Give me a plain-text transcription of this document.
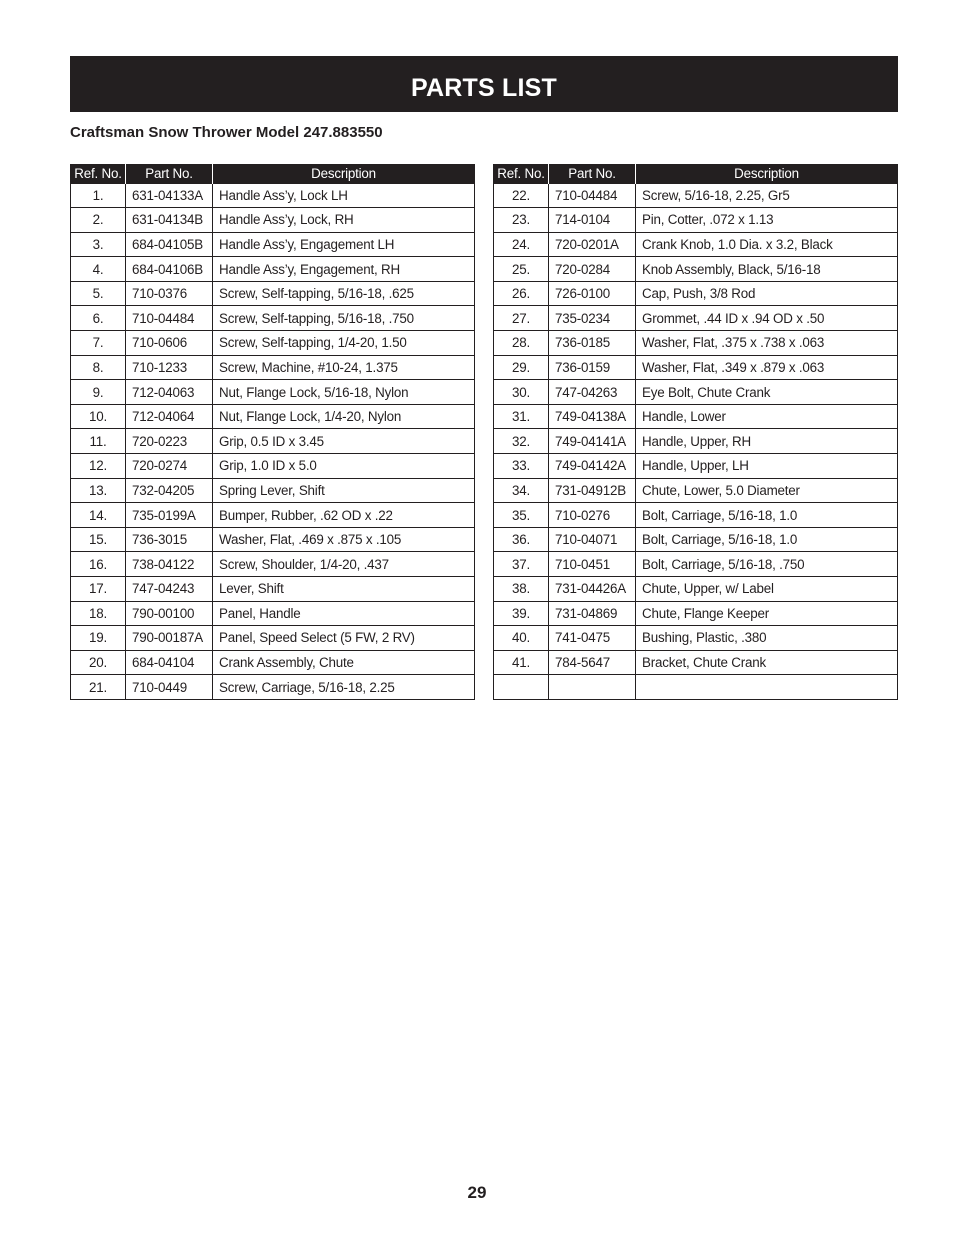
PARTS LIST
Craftsman Snow Thrower Model 247.883550
Ref. No.	Part No.	Description
1.	631-04133A	Handle Ass’y, Lock LH
2.	631-04134B	Handle Ass’y, Lock, RH
3.	684-04105B	Handle Ass’y, Engagement LH
4.	684-04106B	Handle Ass’y, Engagement, RH
5.	710-0376	Screw, Self-tapping, 5/16-18, .625
6.	710-04484	Screw, Self-tapping, 5/16-18, .750
7.	710-0606	Screw, Self-tapping, 1/4-20, 1.50
8.	710-1233	Screw, Machine, #10-24, 1.375
9.	712-04063	Nut, Flange Lock, 5/16-18, Nylon
10.	712-04064	Nut, Flange Lock, 1/4-20, Nylon
11.	720-0223	Grip, 0.5 ID x 3.45
12.	720-0274	Grip, 1.0 ID x 5.0
13.	732-04205	Spring Lever, Shift
14.	735-0199A	Bumper, Rubber, .62 OD x .22
15.	736-3015	Washer, Flat, .469 x .875 x .105
16.	738-04122	Screw, Shoulder, 1/4-20, .437
17.	747-04243	Lever, Shift
18.	790-00100	Panel, Handle
19.	790-00187A	Panel, Speed Select (5 FW, 2 RV)
20.	684-04104	Crank Assembly, Chute
21.	710-0449	Screw, Carriage, 5/16-18, 2.25
Ref. No.	Part No.	Description
22.	710-04484	Screw, 5/16-18, 2.25, Gr5
23.	714-0104	Pin, Cotter, .072 x 1.13
24.	720-0201A	Crank Knob, 1.0 Dia. x 3.2, Black
25.	720-0284	Knob Assembly, Black, 5/16-18
26.	726-0100	Cap, Push, 3/8 Rod
27.	735-0234	Grommet, .44 ID x .94 OD x .50
28.	736-0185	Washer, Flat, .375 x .738 x .063
29.	736-0159	Washer, Flat, .349 x .879 x .063
30.	747-04263	Eye Bolt, Chute Crank
31.	749-04138A	Handle, Lower
32.	749-04141A	Handle, Upper, RH
33.	749-04142A	Handle, Upper, LH
34.	731-04912B	Chute, Lower, 5.0 Diameter
35.	710-0276	Bolt, Carriage, 5/16-18, 1.0
36.	710-04071	Bolt, Carriage, 5/16-18, 1.0
37.	710-0451	Bolt, Carriage, 5/16-18, .750
38.	731-04426A	Chute, Upper, w/ Label
39.	731-04869	Chute, Flange Keeper
40.	741-0475	Bushing, Plastic, .380
41.	784-5647	Bracket, Chute Crank

29
